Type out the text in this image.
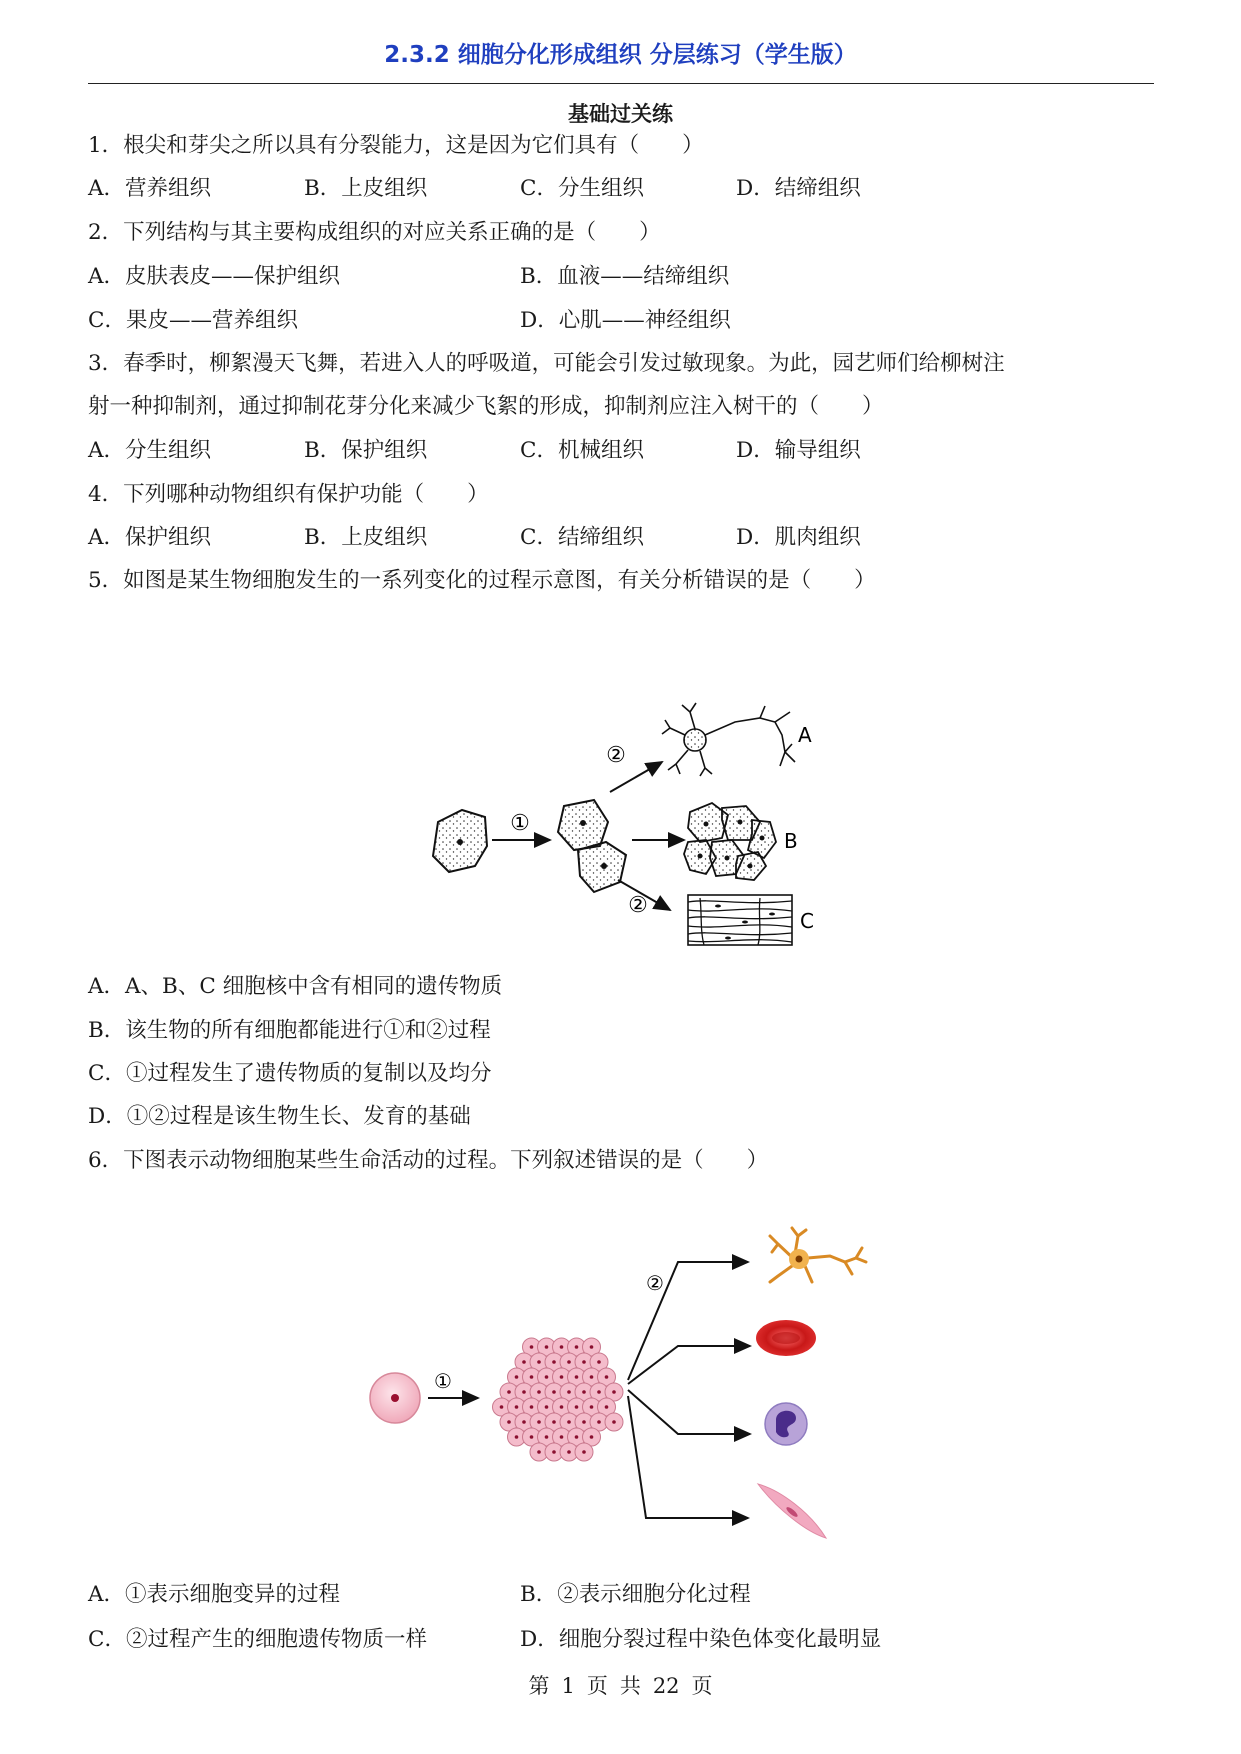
2.3.2 细胞分化形成组织 分层练习（学生版）
基础过关练
1．根尖和芽尖之所以具有分裂能力，这是因为它们具有（　　）
A．营养组织	B．上皮组织	C．分生组织	D．结缔组织
2．下列结构与其主要构成组织的对应关系正确的是（　　）
A．皮肤表皮——保护组织	B．血液——结缔组织
C．果皮——营养组织	D．心肌——神经组织
3．春季时，柳絮漫天飞舞，若进入人的呼吸道，可能会引发过敏现象。为此，园艺师们给柳树注
射一种抑制剂，通过抑制花芽分化来减少飞絮的形成，抑制剂应注入树干的（　　）
A．分生组织	B．保护组织	C．机械组织	D．输导组织
4．下列哪种动物组织有保护功能（　　）
A．保护组织	B．上皮组织	C．结缔组织	D．肌肉组织
5．如图是某生物细胞发生的一系列变化的过程示意图，有关分析错误的是（　　）
①
②
②
A
B
C
A．A、B、C 细胞核中含有相同的遗传物质
B．该生物的所有细胞都能进行①和②过程
C．①过程发生了遗传物质的复制以及均分
D．①②过程是该生物生长、发育的基础
6．下图表示动物细胞某些生命活动的过程。下列叙述错误的是（　　）
①
②
A．①表示细胞变异的过程	B．②表示细胞分化过程
C．②过程产生的细胞遗传物质一样	D．细胞分裂过程中染色体变化最明显
第 1 页 共 22 页
